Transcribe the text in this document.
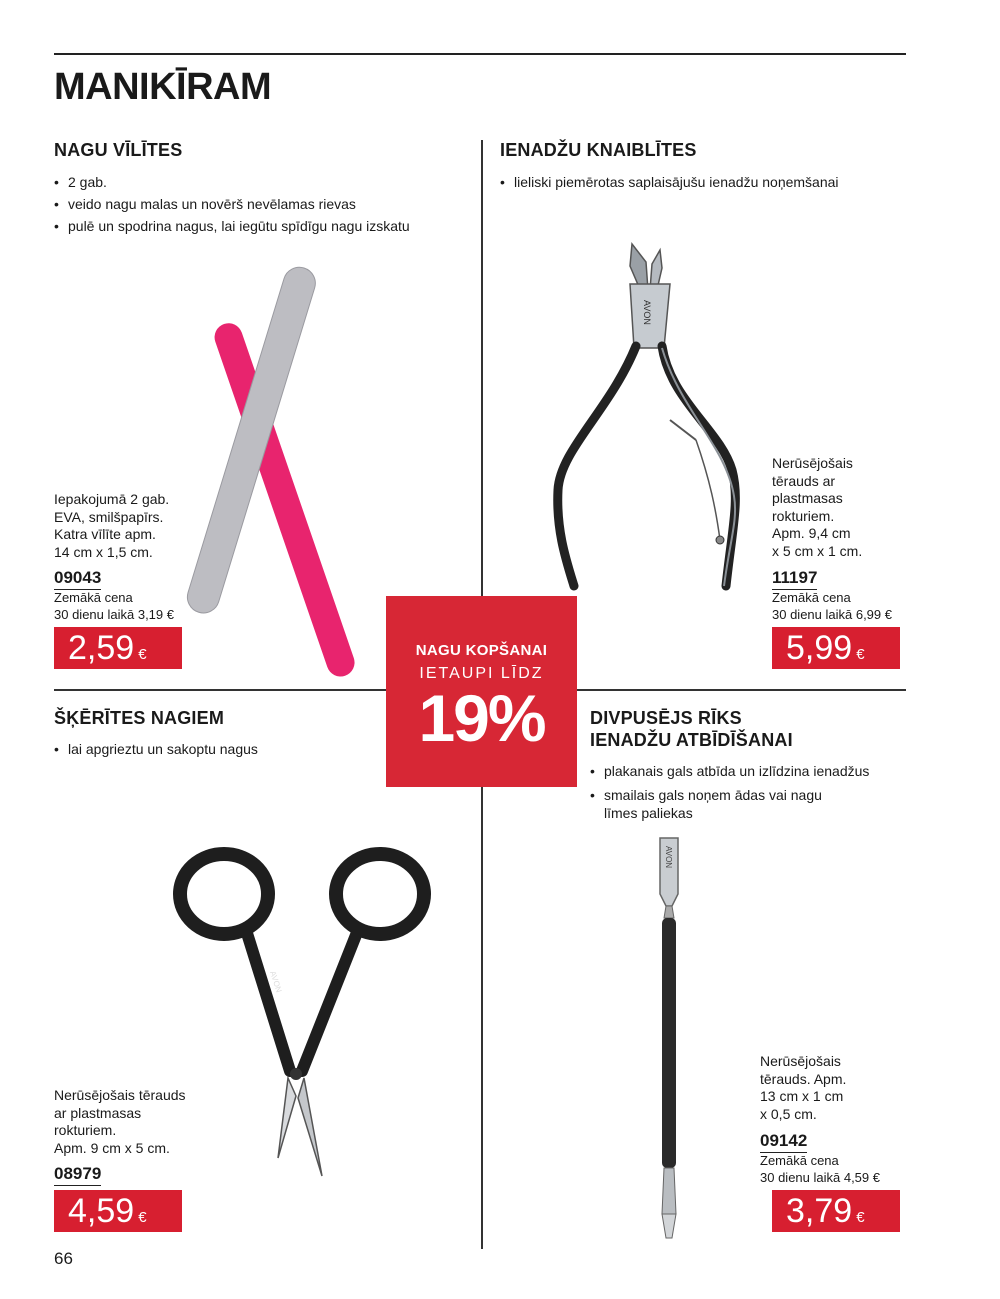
MANIKĪRAM
NAGU VĪLĪTES
• 2 gab.
• veido nagu malas un novērš nevēlamas rievas
• pulē un spodrina nagus, lai iegūtu spīdīgu nagu izskatu
Iepakojumā 2 gab.
EVA, smilšpapīrs.
Katra vīlīte apm.
14 cm x 1,5 cm.
09043
Zemākā cena
30 dienu laikā 3,19 €
2,59 €
IENADŽU KNAIBLĪTES
• lieliski piemērotas saplaisājušu ienadžu noņemšanai
AVON
Nerūsējošais
tērauds ar
plastmasas
rokturiem.
Apm. 9,4 cm
x 5 cm x 1 cm.
11197
Zemākā cena
30 dienu laikā 6,99 €
5,99 €
NAGU KOPŠANAI
IETAUPI LĪDZ
19%
ŠĶĒRĪTES NAGIEM
• lai apgrieztu un sakoptu nagus
AVON
Nerūsējošais tērauds
ar plastmasas
rokturiem.
Apm. 9 cm x 5 cm.
08979
4,59 €
DIVPUSĒJS RĪKS
IENADŽU ATBĪDĪŠANAI
• plakanais gals atbīda un izlīdzina ienadžus
• smailais gals noņem ādas vai nagu
līmes paliekas
AVON
Nerūsējošais
tērauds. Apm.
13 cm x 1 cm
x 0,5 cm.
09142
Zemākā cena
30 dienu laikā 4,59 €
3,79 €
66
